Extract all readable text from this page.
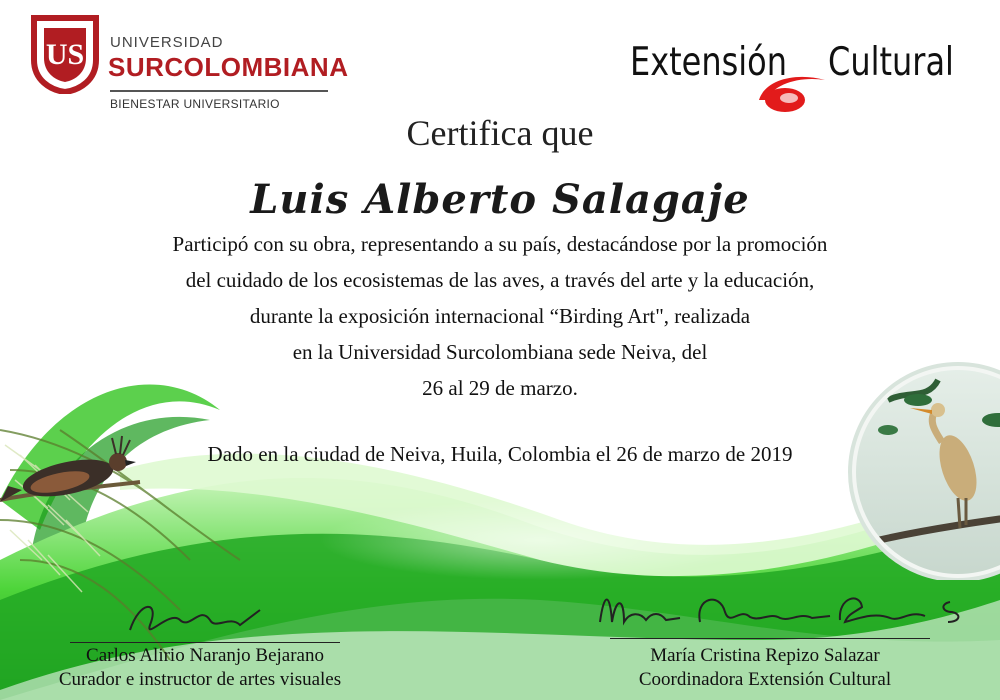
US UNIVERSIDAD
SURCOLOMBIANA
BIENESTAR UNIVERSITARIO
Extensión Cultural
Certifica que
Luis Alberto Salagaje
Participó con su obra, representando a su país, destacándose por la promoción
del cuidado de los ecosistemas de las aves, a través del arte y la educación,
durante la exposición internacional “Birding Art", realizada
en la Universidad Surcolombiana sede Neiva, del
26 al 29 de marzo.
Dado en la ciudad de Neiva, Huila, Colombia el 26 de marzo de 2019
Carlos Alirio Naranjo Bejarano
Curador e instructor de artes visuales
María Cristina Repizo Salazar
Coordinadora Extensión Cultural
